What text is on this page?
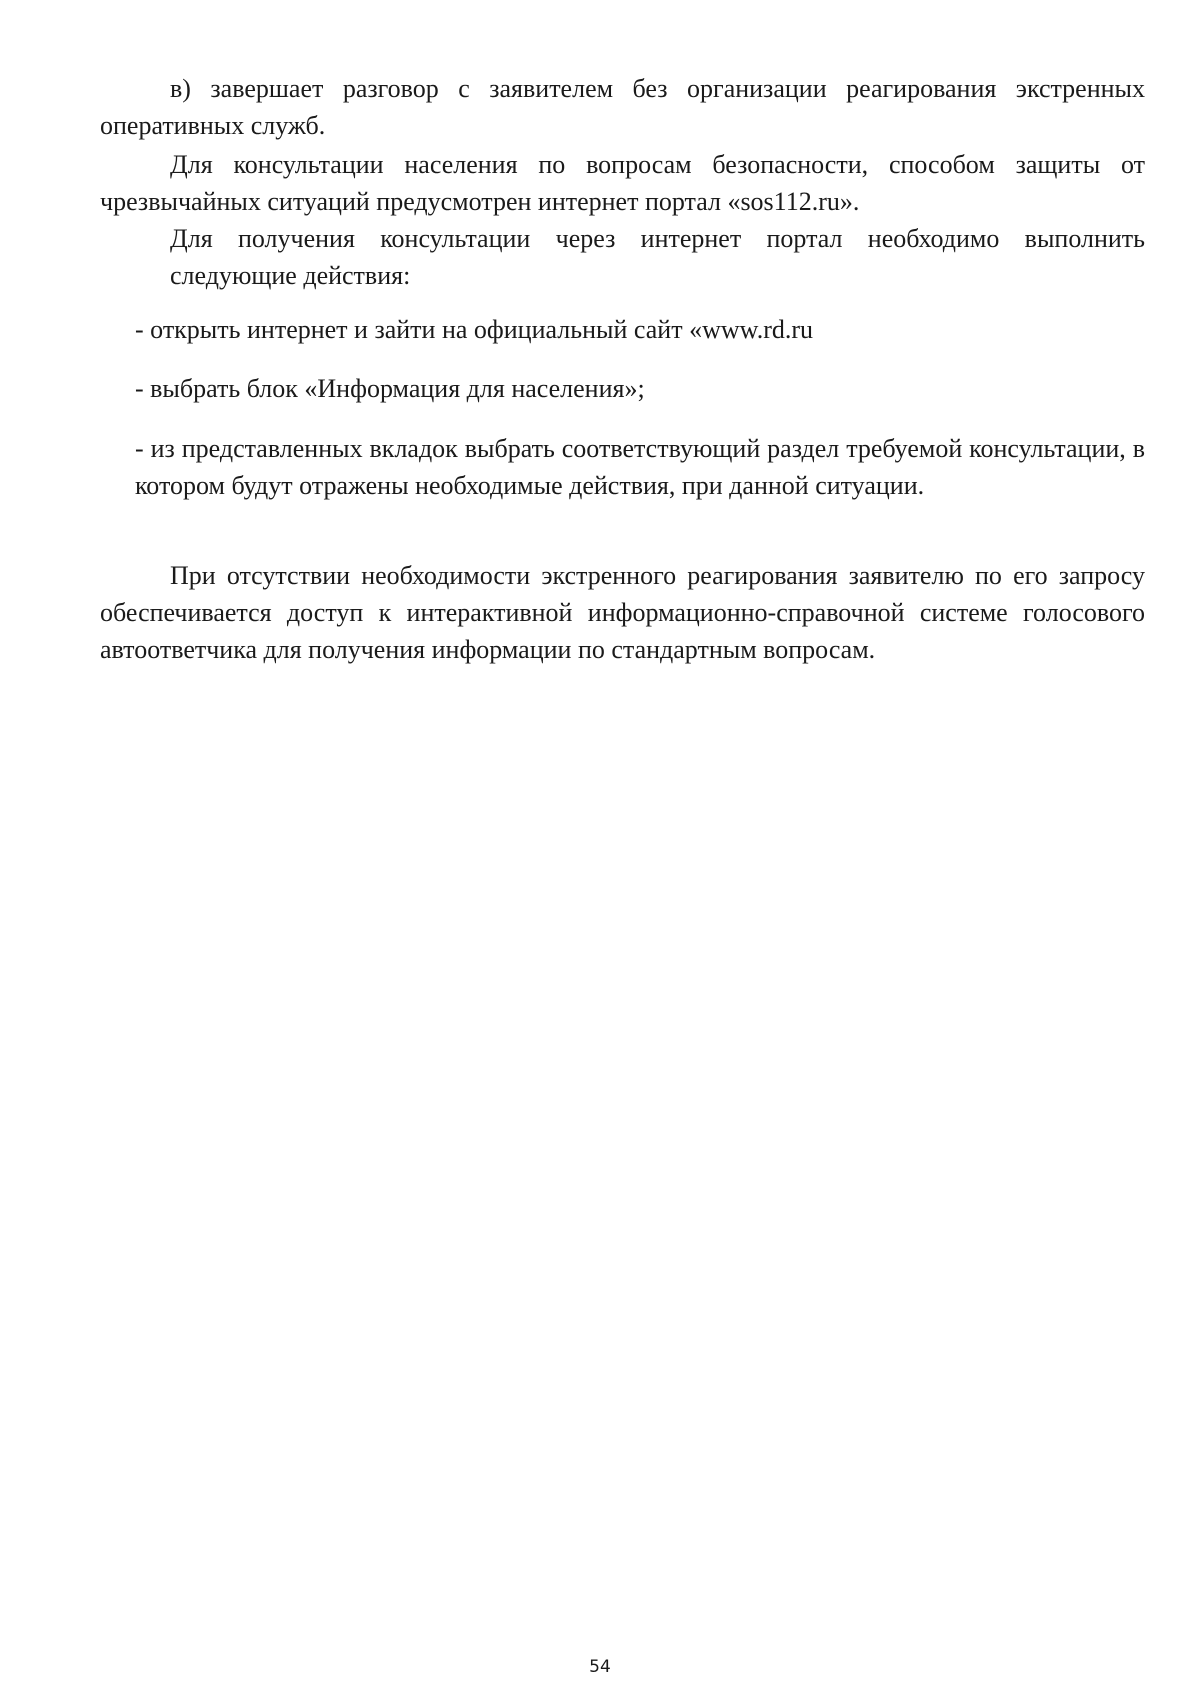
в) завершает разговор с заявителем без организации реагирования экстренных оперативных служб.

Для консультации населения по вопросам безопасности, способом защиты от чрезвычайных ситуаций предусмотрен интернет портал «sos112.ru».

Для получения консультации через интернет портал необходимо выполнить следующие действия:

- открыть интернет и зайти на официальный сайт «www.rd.ru

- выбрать блок «Информация для населения»;

- из представленных вкладок выбрать соответствующий раздел требуемой консультации, в котором будут отражены необходимые действия, при данной ситуации.

При отсутствии необходимости экстренного реагирования заявителю по его запросу обеспечивается доступ к интерактивной информационно-справочной системе голосового автоответчика для получения информации по стандартным вопросам.

54
